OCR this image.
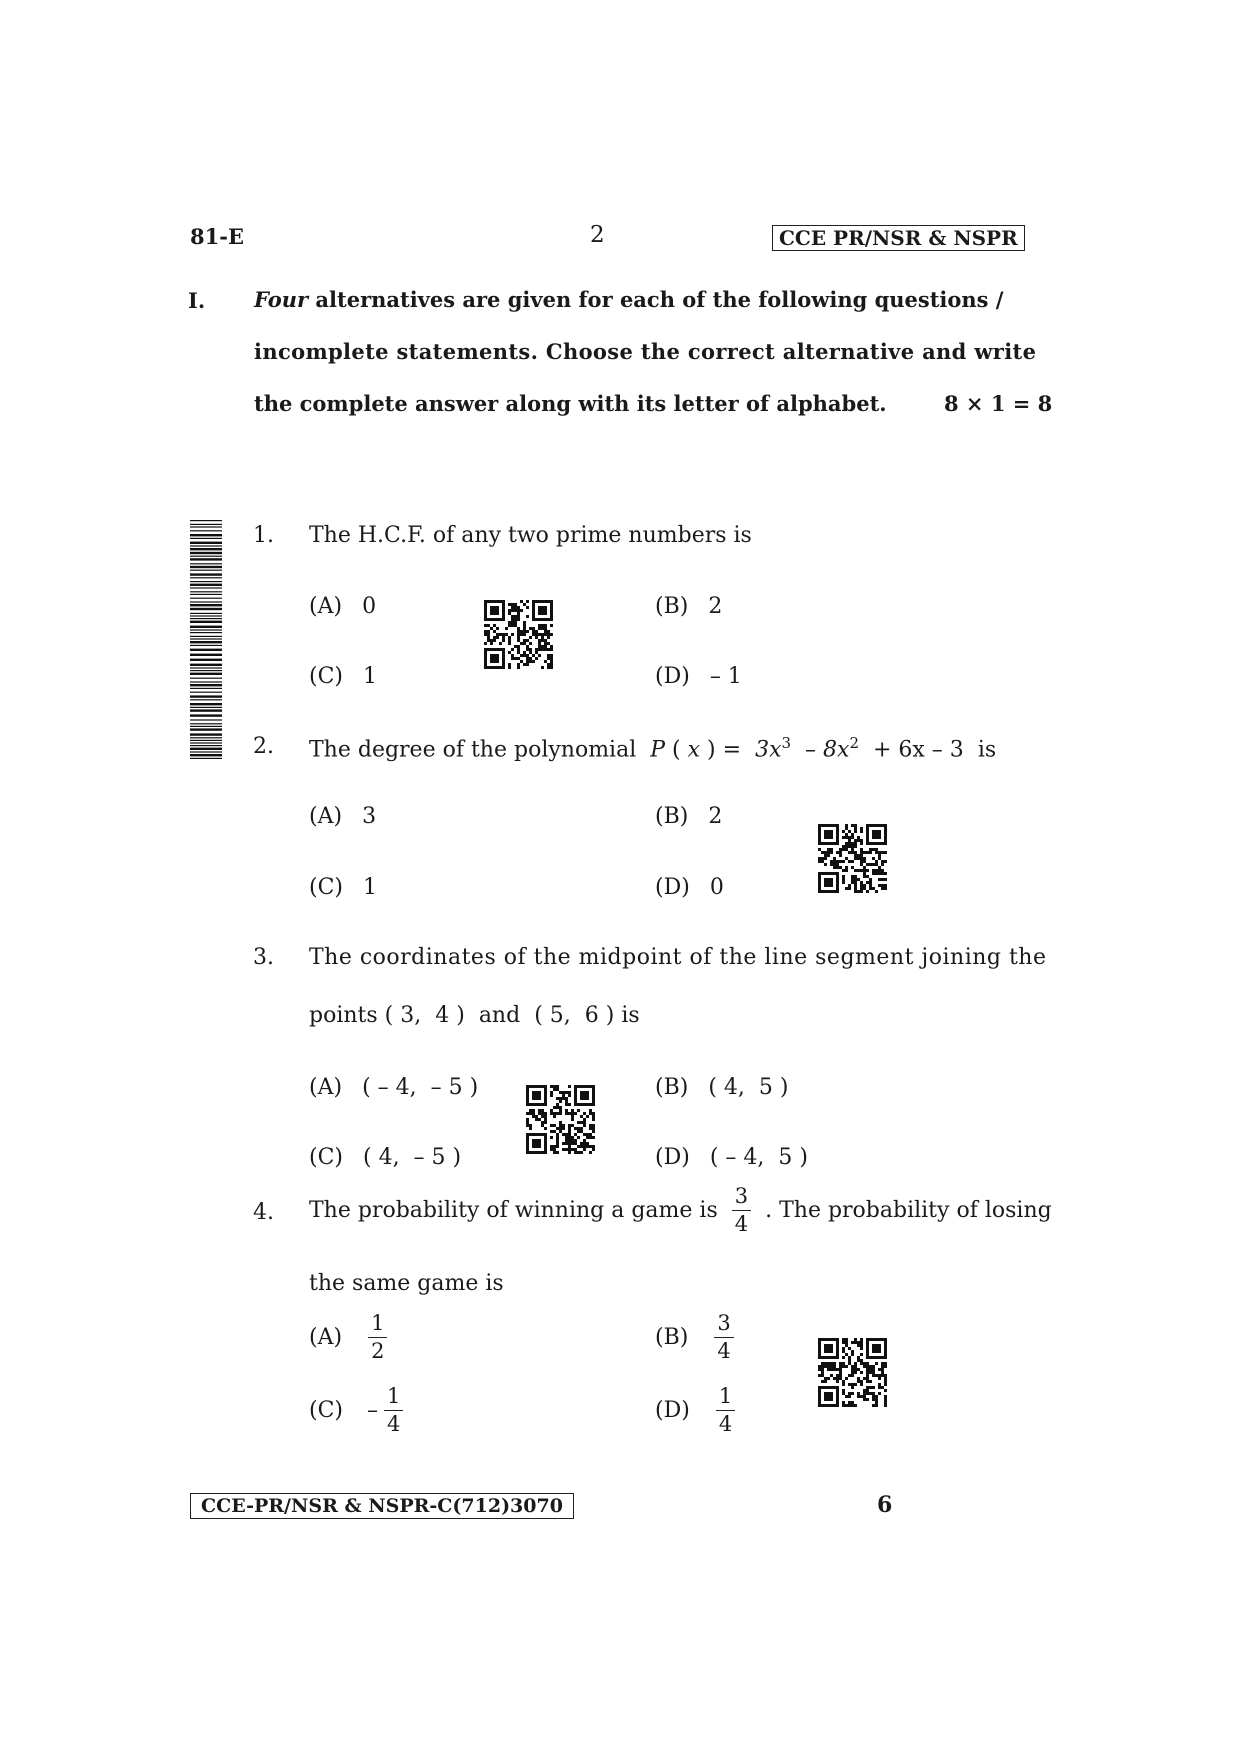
81-E	2	CCE PR/NSR & NSPR
I. Four alternatives are given for each of the following questions /
incomplete statements. Choose the correct alternative and write
the complete answer along with its letter of alphabet.	8 × 1 = 8
1. The H.C.F. of any two prime numbers is
(A) 0	(B) 2
(C) 1	(D) – 1
2. The degree of the polynomial P ( x ) = $3x^3 - 8x^2 + 6x - 3$ is
(A) 3	(B) 2
(C) 1	(D) 0
3. The coordinates of the midpoint of the line segment joining the
points ( 3,  4 ) and ( 5,  6 ) is
(A) ( – 4,  – 5 )	(B) ( 4,  5 )
(C) ( 4,  – 5 )	(D) ( – 4,  5 )
4. The probability of winning a game is $\frac{3}{4}$ . The probability of losing
the same game is
$(A) \frac{1}{2}$	$(B) \frac{3}{4}$
$(C) - \frac{1}{4}$	$(D) \frac{1}{4}$
CCE-PR/NSR & NSPR-C(712)3070	6
